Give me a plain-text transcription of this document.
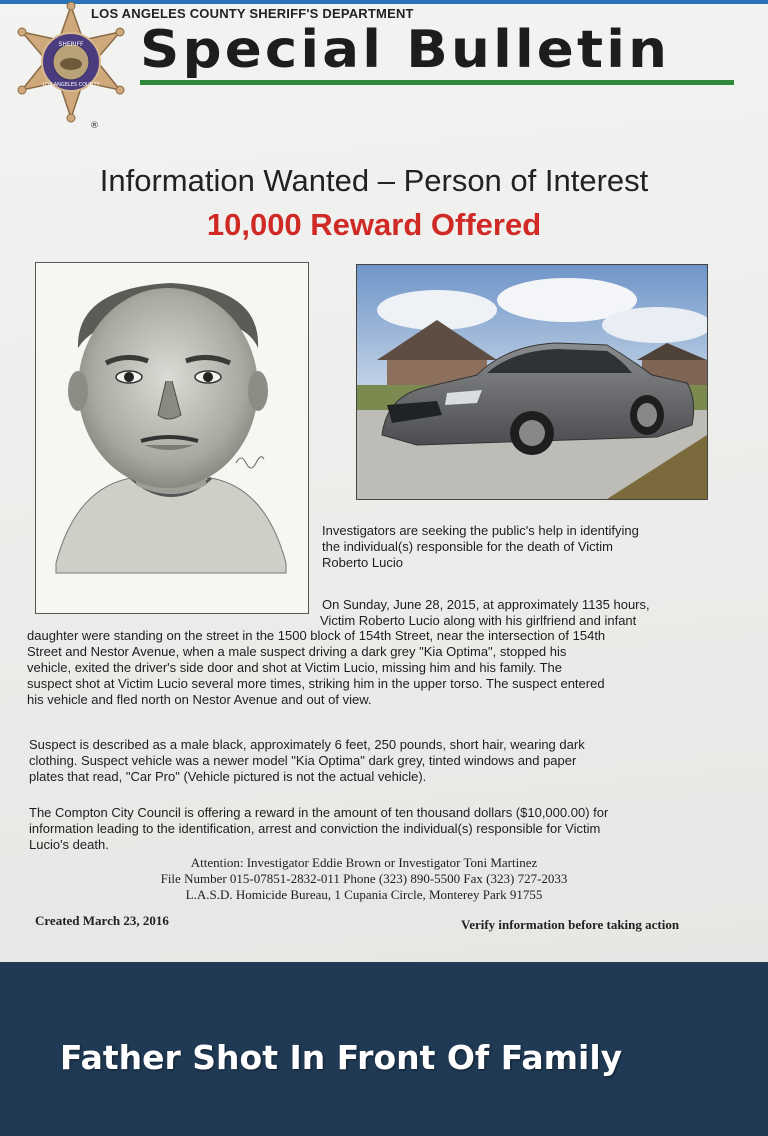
SHERIFF
LOS ANGELES COUNTY
®
LOS ANGELES COUNTY SHERIFF'S DEPARTMENT
Special Bulletin
Information Wanted – Person of Interest
10,000 Reward Offered
Investigators are seeking the public's help in identifying
the individual(s) responsible for the death of Victim
Roberto Lucio
On Sunday, June 28, 2015, at approximately 1135 hours,
Victim Roberto Lucio along with his girlfriend and infant
daughter were standing on the street in the 1500 block of 154th Street, near the intersection of 154th
Street and Nestor Avenue, when a male suspect driving a dark grey "Kia Optima", stopped his
vehicle, exited the driver's side door and shot at Victim Lucio, missing him and his family. The
suspect shot at Victim Lucio several more times, striking him in the upper torso. The suspect entered
his vehicle and fled north on Nestor Avenue and out of view.
Suspect is described as a male black, approximately 6 feet, 250 pounds, short hair, wearing dark
clothing. Suspect vehicle was a newer model "Kia Optima" dark grey, tinted windows and paper
plates that read, "Car Pro" (Vehicle pictured is not the actual vehicle).
The Compton City Council is offering a reward in the amount of ten thousand dollars ($10,000.00) for
information leading to the identification, arrest and conviction the individual(s) responsible for Victim
Lucio's death.
Attention: Investigator Eddie Brown or Investigator Toni Martinez
File Number 015-07851-2832-011 Phone (323) 890-5500 Fax (323) 727-2033
L.A.S.D. Homicide Bureau, 1 Cupania Circle, Monterey Park 91755
Created March 23, 2016	Verify information before taking action
Father Shot In Front Of Family
